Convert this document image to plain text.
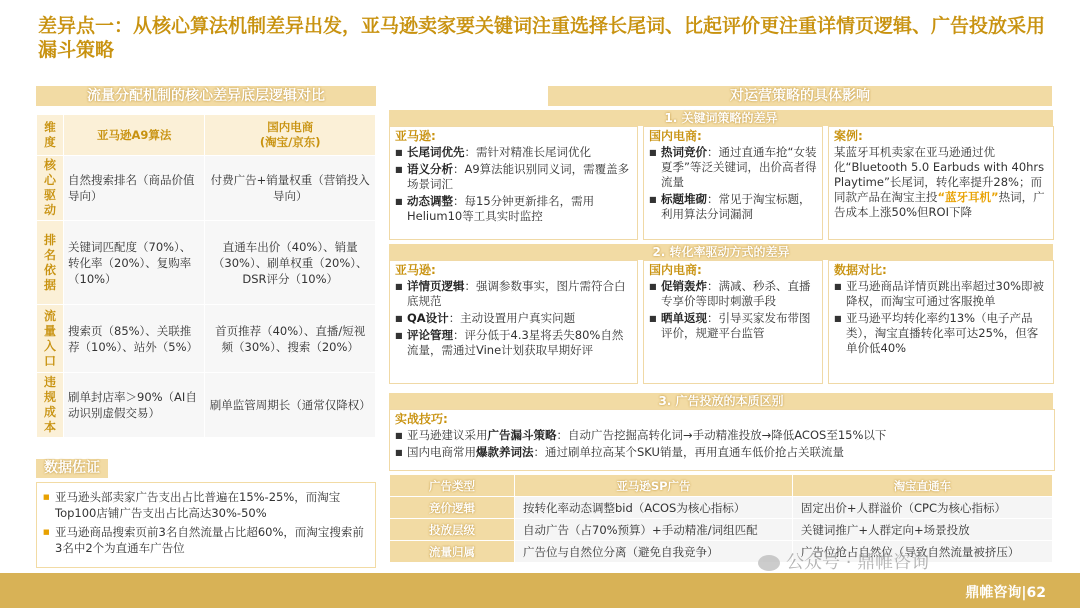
差异点一：从核心算法机制差异出发，亚马逊卖家要关键词注重选择长尾词、比起评价更注重详情页逻辑、广告投放采用漏斗策略
流量分配机制的核心差异底层逻辑对比
维度	亚马逊A9算法	国内电商
(淘宝/京东)
核心驱动	自然搜索排名（商品价值导向）	付费广告+销量权重（营销投入导向）
排名依据	关键词匹配度（70%）、转化率（20%）、复购率（10%）	直通车出价（40%）、销量（30%）、刷单权重（20%）、DSR评分（10%）
流量入口	搜索页（85%）、关联推荐（10%）、站外（5%）	首页推荐（40%）、直播/短视频（30%）、搜索（20%）
违规成本	刷单封店率＞90%（AI自动识别虚假交易）	刷单监管周期长（通常仅降权）
数据佐证
■ 亚马逊头部卖家广告支出占比普遍在15%-25%，而淘宝Top100店铺广告支出占比高达30%-50%
■ 亚马逊商品搜索页前3名自然流量占比超60%，而淘宝搜索前3名中2个为直通车广告位
对运营策略的具体影响
1. 关键词策略的差异
亚马逊:
■ 长尾词优先：需针对精准长尾词优化
■ 语义分析：A9算法能识别同义词，需覆盖多场景词汇
■ 动态调整：每15分钟更新排名，需用Helium10等工具实时监控
国内电商:
■ 热词竞价：通过直通车抢“女装 夏季”等泛关键词，出价高者得流量
■ 标题堆砌：常见于淘宝标题，利用算法分词漏洞
案例:

某蓝牙耳机卖家在亚马逊通过优化“Bluetooth 5.0 Earbuds with 40hrs Playtime”长尾词，转化率提升28%；而同款产品在淘宝主投“蓝牙耳机”热词，广告成本上涨50%但ROI下降

2. 转化率驱动方式的差异
亚马逊:
■ 详情页逻辑：强调参数事实，图片需符合白底规范
■ QA设计：主动设置用户真实问题
■ 评论管理：评分低于4.3星将丢失80%自然流量，需通过Vine计划获取早期好评
国内电商:
■ 促销轰炸：满减、秒杀、直播专享价等即时刺激手段
■ 晒单返现：引导买家发布带图评价，规避平台监管
数据对比:
■ 亚马逊商品详情页跳出率超过30%即被降权，而淘宝可通过客服挽单
■ 亚马逊平均转化率约13%（电子产品类），淘宝直播转化率可达25%，但客单价低40%
3. 广告投放的本质区别
实战技巧:
■ 亚马逊建议采用广告漏斗策略：自动广告挖掘高转化词→手动精准投放→降低ACOS至15%以下
■ 国内电商常用爆款养词法：通过刷单拉高某个SKU销量，再用直通车低价抢占关联流量
广告类型	亚马逊SP广告	淘宝直通车
竞价逻辑	按转化率动态调整bid（ACOS为核心指标）	固定出价+人群溢价（CPC为核心指标）
投放层级	自动广告（占70%预算）+手动精准/词组匹配	关键词推广+人群定向+场景投放
流量归属	广告位与自然位分离（避免自我竞争）	广告位抢占自然位（导致自然流量被挤压）
公众号 · 鼎帷咨询
鼎帷咨询|62
